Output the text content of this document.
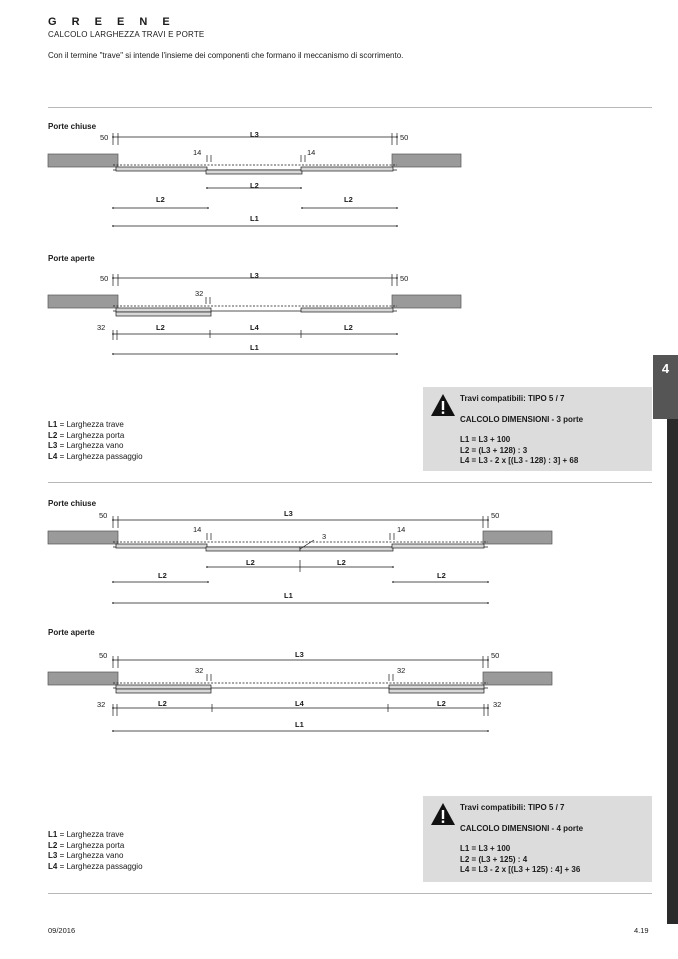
G R E E N E
CALCOLO LARGHEZZA TRAVI E PORTE
Con il termine "trave" si intende l'insieme dei componenti che formano il meccanismo di scorrimento.
4
Porte chiuse
Porte aperte
Porte chiuse
Porte aperte
L3
50	50
14	14
L2
L2	L2
L1
L3
50	50
32
32	L2	L4	L2
L1
L3
50	50
14	14
3
L2	L2
L2	L2
L1
L3
50	50
32	32
32	32
L2	L4	L2
L1
L1 = Larghezza trave
L2 = Larghezza porta
L3 = Larghezza vano
L4 = Larghezza passaggio
Travi compatibili: TIPO 5 / 7
CALCOLO DIMENSIONI - 3 porte
L1 = L3 + 100
L2 = (L3 + 128) : 3
L4 = L3 - 2 x [(L3 - 128) : 3] + 68
L1 = Larghezza trave
L2 = Larghezza porta
L3 = Larghezza vano
L4 = Larghezza passaggio
Travi compatibili: TIPO 5 / 7
CALCOLO DIMENSIONI - 4 porte
L1 = L3 + 100
L2 = (L3 + 125) : 4
L4 = L3 - 2 x [(L3 + 125) : 4] + 36
09/2016	4.19
